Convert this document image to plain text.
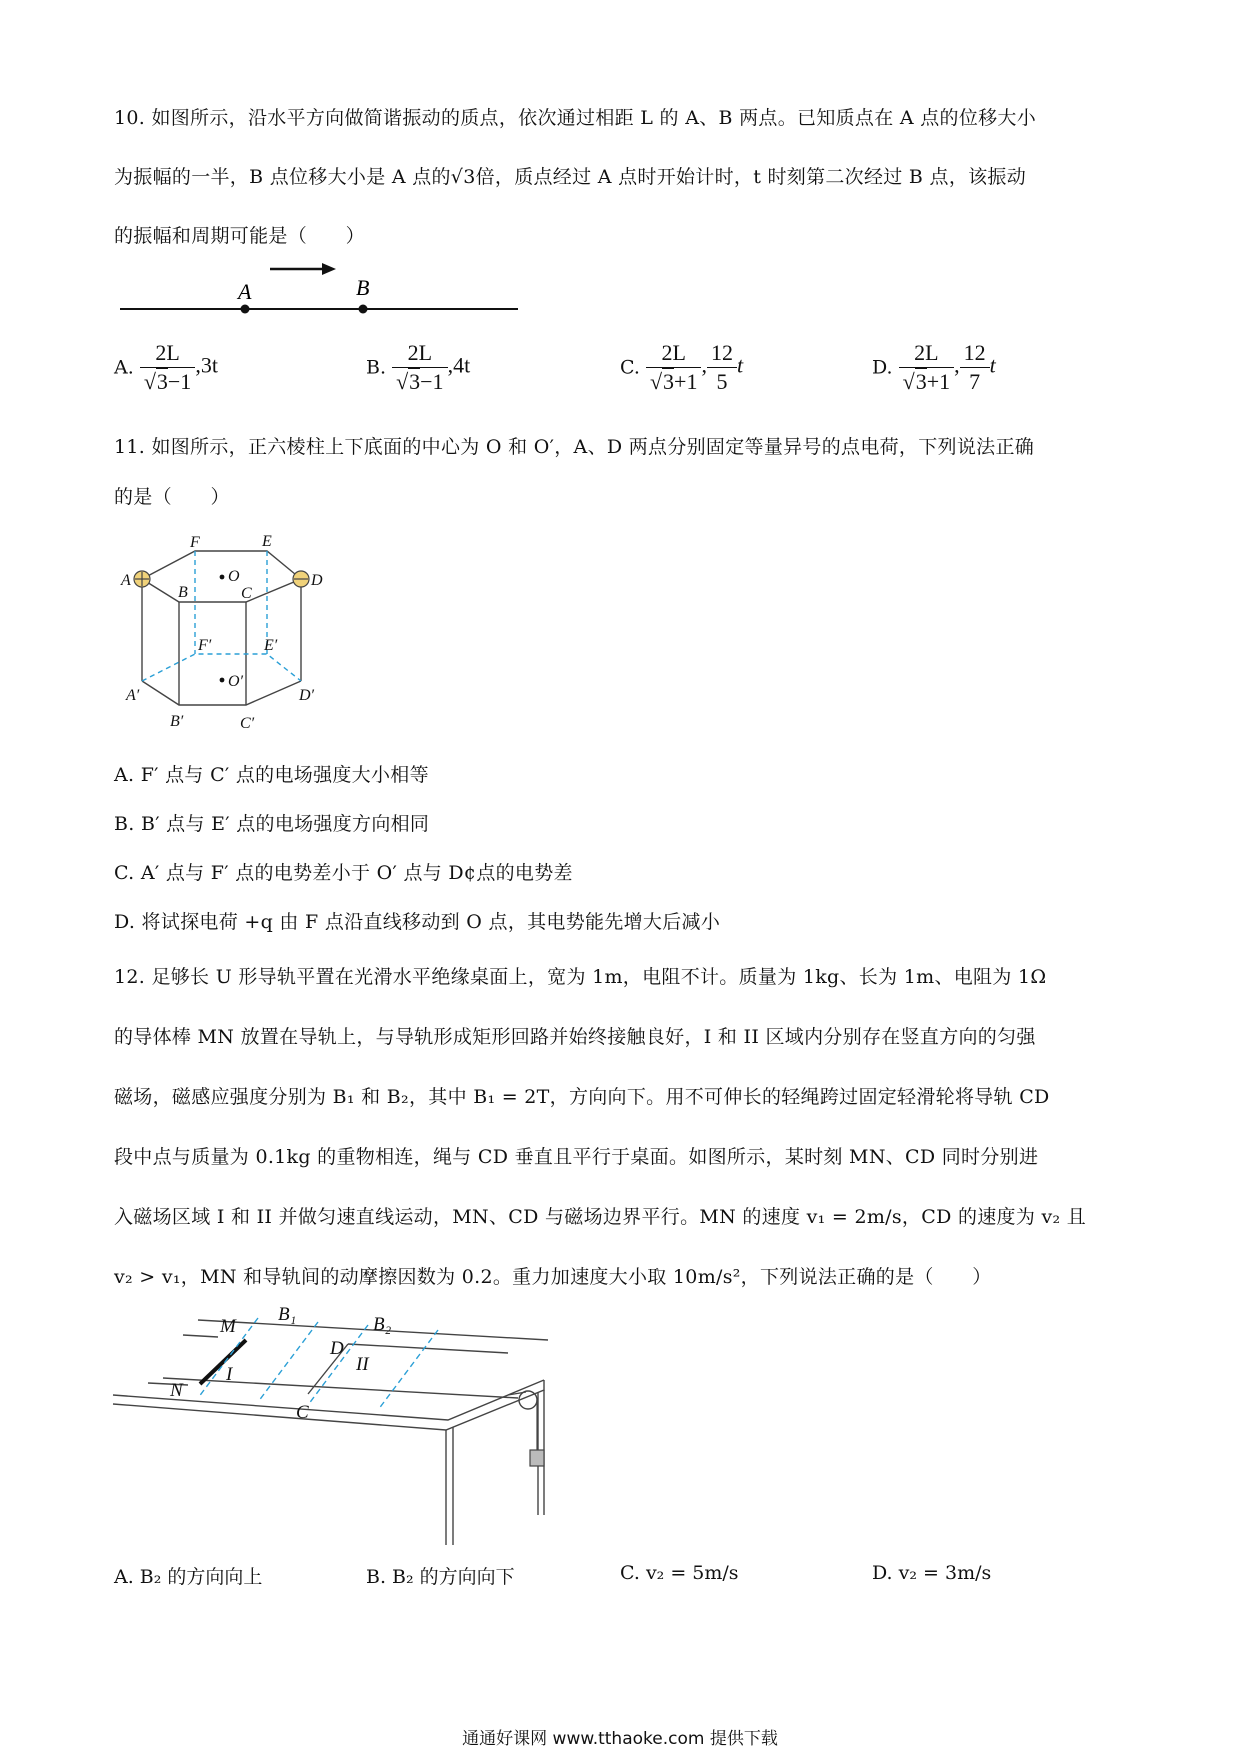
10. 如图所示，沿水平方向做简谐振动的质点，依次通过相距 L 的 A、B 两点。已知质点在 A 点的位移大小
为振幅的一半，B 点位移大小是 A 点的√3倍，质点经过 A 点时开始计时，t 时刻第二次经过 B 点，该振动
的振幅和周期可能是（　　）
A	B
A. $\frac{2L}{√3-1} ,3t$	B. $\frac{2L}{√3-1} ,4t$	C. $\frac{2L}{√3+1}$ , $\frac{12}{5}$ t	D. $\frac{2L}{√3+1}$ , $\frac{12}{7}$ t
11. 如图所示，正六棱柱上下底面的中心为 O 和 O′，A、D 两点分别固定等量异号的点电荷，下列说法正确
的是（　　）
A
B	C
D
E
F
O
A′
B′	C′
D′
E′
F′
O′
A. F′ 点与 C′ 点的电场强度大小相等
B. B′ 点与 E′ 点的电场强度方向相同
C. A′ 点与 F′ 点的电势差小于 O′ 点与 D¢点的电势差
D. 将试探电荷 +q 由 F 点沿直线移动到 O 点，其电势能先增大后减小
12. 足够长 U 形导轨平置在光滑水平绝缘桌面上，宽为 1m，电阻不计。质量为 1kg、长为 1m、电阻为 1Ω
的导体棒 MN 放置在导轨上，与导轨形成矩形回路并始终接触良好，I 和 II 区域内分别存在竖直方向的匀强
磁场，磁感应强度分别为 B₁ 和 B₂，其中 B₁ = 2T，方向向下。用不可伸长的轻绳跨过固定轻滑轮将导轨 CD
段中点与质量为 0.1kg 的重物相连，绳与 CD 垂直且平行于桌面。如图所示，某时刻 MN、CD 同时分别进
入磁场区域 I 和 II 并做匀速直线运动，MN、CD 与磁场边界平行。MN 的速度 v₁ = 2m/s，CD 的速度为 v₂ 且
v₂ > v₁，MN 和导轨间的动摩擦因数为 0.2。重力加速度大小取 10m/s²，下列说法正确的是（　　）
M
N
B₁	B₂
D
C
I	II
A. B₂ 的方向向上	B. B₂ 的方向向下	C. v₂ = 5m/s	D. v₂ = 3m/s
通通好课网 www.tthaoke.com 提供下载
